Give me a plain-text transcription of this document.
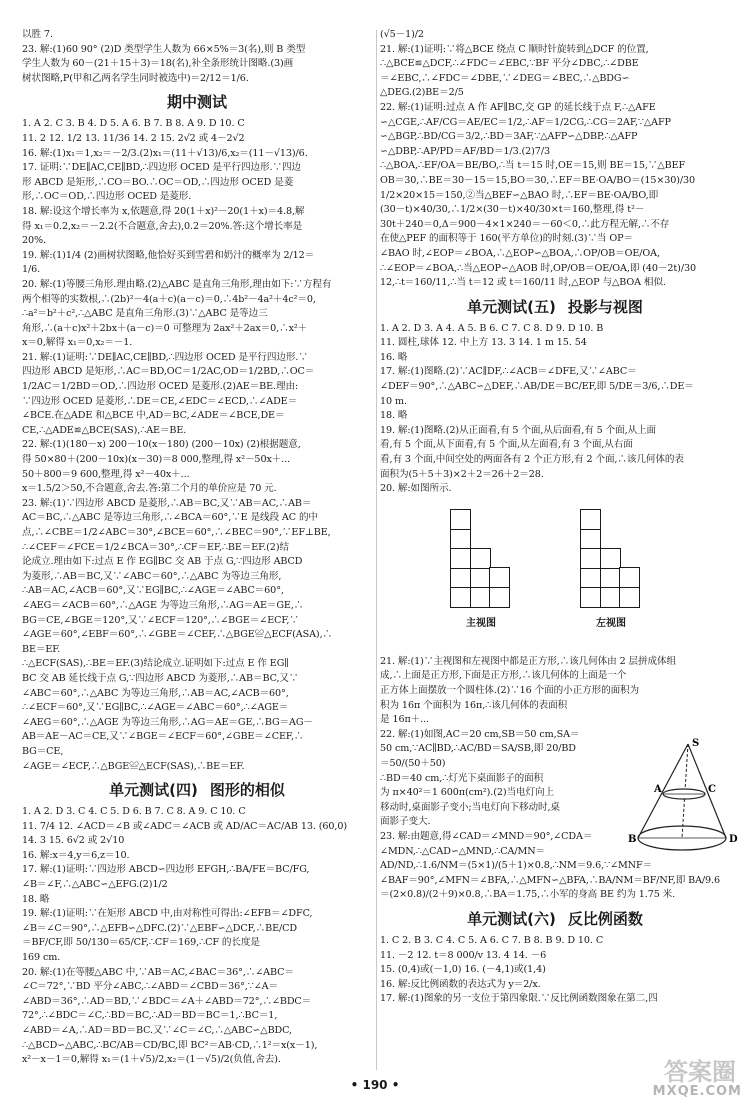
以胜 7.
23. 解:(1)60 90° (2)D 类型学生人数为 66×5%＝3(名),则 B 类型
学生人数为 60－(21＋15＋3)＝18(名),补全条形统计图略.(3)画
树状图略,P(甲和乙两名学生同时被选中)＝2/12＝1/6.
期中测试
1. A 2. C 3. B 4. D 5. A 6. B 7. B 8. A 9. D 10. C
11. 2 12. 1/2 13. 11/36 14. 2 15. 2√2 或 4－2√2
16. 解:(1)x₁＝1,x₂＝－2/3.(2)x₁＝(11＋√13)/6,x₂＝(11－√13)/6.
17. 证明:∵DE∥AC,CE∥BD,∴四边形 OCED 是平行四边形.∵四边
形 ABCD 是矩形,∴CO＝BO.∴OC＝OD,∴四边形 OCED 是菱
形,∴OC＝OD,∴四边形 OCED 是菱形.
18. 解:设这个增长率为 x,依题意,得 20(1＋x)²－20(1＋x)＝4.8,解
得 x₁＝0.2,x₂＝－2.2(不合题意,舍去),0.2＝20%.答:这个增长率是
20%.
19. 解:(1)1/4 (2)画树状图略,他恰好买到雪碧和奶汁的概率为 2/12＝
1/6.
20. 解:(1)等腰三角形.理由略.(2)△ABC 是直角三角形,理由如下:∵方程有
两个相等的实数根,∴(2b)²－4(a＋c)(a－c)＝0,∴4b²－4a²＋4c²＝0,
∴a²＝b²＋c²,∴△ABC 是直角三角形.(3)∵△ABC 是等边三
角形,∴(a＋c)x²＋2bx＋(a－c)＝0 可整理为 2ax²＋2ax＝0,∴x²＋
x＝0,解得 x₁＝0,x₂＝－1.
21. 解:(1)证明:∵DE∥AC,CE∥BD,∴四边形 OCED 是平行四边形.∵
四边形 ABCD 是矩形,∴AC＝BD,OC＝1/2AC,OD＝1/2BD,∴OC＝
1/2AC＝1/2BD＝OD,∴四边形 OCED 是菱形.(2)AE＝BE.理由:
∵四边形 OCED 是菱形,∴DE＝CE,∠EDC＝∠ECD,∴∠ADE＝
∠BCE.在△ADE 和△BCE 中,AD＝BC,∠ADE＝∠BCE,DE＝
CE,∴△ADE≌△BCE(SAS),∴AE＝BE.
22. 解:(1)(180－x) 200－10(x－180) (200－10x) (2)根据题意,
得 50×80＋(200－10x)(x－30)＝8 000,整理,得 x²－50x＋...
50＋800＝9 600,整理,得 x²－40x＋...
x＝1.5/2＞50,不合题意,舍去.答:第二个月的单价应是 70 元.
23. 解:(1)∵四边形 ABCD 是菱形,∴AB＝BC,又∵AB＝AC,∴AB＝
AC＝BC,∴△ABC 是等边三角形,∴∠BCA＝60°,∵E 是线段 AC 的中
点,∴∠CBE＝1/2∠ABC＝30°,∠BCE＝60°,∴∠BEC＝90°,∵EF⊥BE,
∴∠CEF＝∠FCE＝1/2∠BCA＝30°,∴CF＝EF,∴BE＝EF.(2)结
论成立.理由如下:过点 E 作 EG∥BC 交 AB 于点 G,∵四边形 ABCD
为菱形,∴AB＝BC,又∵∠ABC＝60°,∴△ABC 为等边三角形,
∴AB＝AC,∠ACB＝60°,又∵EG∥BC,∴∠AGE＝∠ABC＝60°,
∠AEG＝∠ACB＝60°,∴△AGE 为等边三角形,∴AG＝AE＝GE,∴
BG＝CE,∠BGE＝120°,又∵∠ECF＝120°,∴∠BGE＝∠ECF,∵
∠AGE＝60°,∠EBF＝60°,∴∠GBE＝∠CEF,∴△BGE≌△ECF(ASA),∴
BE＝EF.
∴△ECF(SAS),∴BE＝EF.(3)结论成立.证明如下:过点 E 作 EG∥
BC 交 AB 延长线于点 G,∵四边形 ABCD 为菱形,∴AB＝BC,又∵
∠ABC＝60°,∴△ABC 为等边三角形,∴AB＝AC,∠ACB＝60°,
∴∠ECF＝60°,又∵EG∥BC,∴∠AGE＝∠ABC＝60°,∴∠AGE＝
∠AEG＝60°,∴△AGE 为等边三角形,∴AG＝AE＝GE,∴BG＝AG－
AB＝AE－AC＝CE,又∵∠BGE＝∠ECF＝60°,∠GBE＝∠CEF,∴
BG＝CE,
∠AGE＝∠ECF,∴△BGE≌△ECF(SAS),∴BE＝EF.
单元测试(四) 图形的相似
1. A 2. D 3. C 4. C 5. D 6. B 7. C 8. A 9. C 10. C
11. 7/4 12. ∠ACD＝∠B 或∠ADC＝∠ACB 或 AD/AC＝AC/AB 13. (60,0)
14. 3 15. 6√2 或 2√10
16. 解:x＝4,y＝6,z＝10.
17. 解:(1)证明:∵四边形 ABCD∽四边形 EFGH,∴BA/FE＝BC/FG,
∠B＝∠F,∴△ABC∽△EFG.(2)1/2
18. 略
19. 解:(1)证明:∵在矩形 ABCD 中,由对称性可得出:∠EFB＝∠DFC,
∠B＝∠C＝90°,∴△EFB∽△DFC.(2)∵△EBF∽△DCF,∴BE/CD
＝BF/CF,即 50/130＝65/CF,∴CF＝169,∴CF 的长度是
169 cm.
20. 解:(1)在等腰△ABC 中,∵AB＝AC,∠BAC＝36°,∴∠ABC＝
∠C＝72°,∵BD 平分∠ABC,∴∠ABD＝∠CBD＝36°,∵∠A＝
∠ABD＝36°,∴AD＝BD,∵∠BDC＝∠A＋∠ABD＝72°,∴∠BDC＝
72°,∴∠BDC＝∠C,∴BD＝BC,∴AD＝BD＝BC＝1,∴BC＝1,
∠ABD＝∠A,∴AD＝BD＝BC.又∵∠C＝∠C,∴△ABC∽△BDC,
∴△BCD∽△ABC,∴BC/AB＝CD/BC,即 BC²＝AB·CD,∴1²＝x(x－1),
x²－x－1＝0,解得 x₁＝(1＋√5)/2,x₂＝(1－√5)/2(负值,舍去).
(√5－1)/2
21. 解:(1)证明:∵将△BCE 绕点 C 顺时针旋转到△DCF 的位置,
∴△BCE≌△DCF,∴∠FDC＝∠EBC,∵BF 平分∠DBC,∴∠DBE
＝∠EBC,∴∠FDC＝∠DBE,∵∠DEG＝∠BEC,∴△BDG∽
△DEG.(2)BE＝2/5
22. 解:(1)证明:过点 A 作 AF∥BC,交 GP 的延长线于点 F,∴△AFE
∽△CGE,∴AF/CG＝AE/EC＝1/2,∴AF＝1/2CG,∴CG＝2AF,∵△AFP
∽△BGP,∴BD/CG＝3/2,∴BD＝3AF,∵△AFP∽△DBP,∴△AFP
∽△DBP,∴AP/PD＝AF/BD＝1/3.(2)7/3
∴△BOA,∴EF/OA＝BE/BO,∴当 t＝15 时,OE＝15,则 BE＝15,∵△BEF
OB＝30,∴BE＝30－15＝15,BO＝30,∴EF＝BE·OA/BO＝(15×30)/30
1/2×20×15＝150,②当△BEF∽△BAO 时,∴EF＝BE·OA/BO,即
(30－t)×40/30,∴1/2×(30－t)×40/30×t＝160,整理,得 t²－
30t＋240＝0,Δ＝900－4×1×240＝－60＜0,∴此方程无解,∴不存
在使△PEF 的面积等于 160(平方单位)的时刻.(3)∵当 OP＝
∠BAO 时,∠EOP＝∠BOA,∴△EOP∽△BOA,∴OP/OB＝OE/OA,
∴∠EOP＝∠BOA,∴当△EOP∽△AOB 时,OP/OB＝OE/OA,即 (40－2t)/30
12,∴t＝160/11,∴当 t＝12 或 t＝160/11 时,△EOP 与△BOA 相似.
单元测试(五) 投影与视图
1. A 2. D 3. A 4. A 5. B 6. C 7. C 8. D 9. D 10. B
11. 圆柱,球体 12. 中上方 13. 3 14. 1 m 15. 54
16. 略
17. 解:(1)图略.(2)∵AC∥DF,∴∠ACB＝∠DFE,又∵∠ABC＝
∠DEF＝90°,∴△ABC∽△DEF,∴AB/DE＝BC/EF,即 5/DE＝3/6,∴DE＝
10 m.
18. 略
19. 解:(1)图略.(2)从正面看,有 5 个面,从后面看,有 5 个面,从上面
看,有 5 个面,从下面看,有 5 个面,从左面看,有 3 个面,从右面
看,有 3 个面,中间空处的两面各有 2 个正方形,有 2 个面,∴该几何体的表
面积为(5＋5＋3)×2＋2＝26＋2＝28.
20. 解:如图所示.
主视图	左视图
21. 解:(1)∵主视图和左视图中都是正方形,∴该几何体由 2 层拼成体组
成,∴上面是正方形,下面是正方形,∴该几何体的上面是一个
正方体上面摆放一个圆柱体.(2)∵16 个面的小正方形的面积为
积为 16π 个面积为 16π,∴该几何体的表面积
是 16π＋...
22. 解:(1)如图,AC＝20 cm,SB＝50 cm,SA＝
50 cm,∵AC∥BD,∴AC/BD＝SA/SB,即 20/BD
＝50/(50＋50)
∴BD＝40 cm,∴灯光下桌面影子的面积
为 π×40²＝1 600π(cm²).(2)当电灯向上
移动时,桌面影子变小;当电灯向下移动时,桌
面影子变大.
23. 解:由题意,得∠CAD＝∠MND＝90°,∠CDA＝
∠MDN,∴△CAD∽△MND,∴CA/MN＝
AD/ND,∴1.6/NM＝(5×1)/(5＋1)×0.8,∴NM＝9.6,∵∠MNF＝
∠BAF＝90°,∠MFN＝∠BFA,∴△MFN∽△BFA,∴BA/NM＝BF/NF,即 BA/9.6
＝(2×0.8)/(2＋9)×0.8,∴BA＝1.75,∴小军的身高 BE 约为 1.75 米.
单元测试(六) 反比例函数
1. C 2. B 3. C 4. C 5. A 6. C 7. B 8. B 9. D 10. C
11. －2 12. t＝8 000/v 13. 4 14. －6
15. (0,4)或(－1,0) 16. (－4,1)或(1,4)
16. 解:反比例函数的表达式为 y＝2/x.
17. 解:(1)图象的另一支位于第四象限.∵反比例函数图象在第二,四
S
A	C
B	D
• 190 •	答案圈
MXQE.COM
